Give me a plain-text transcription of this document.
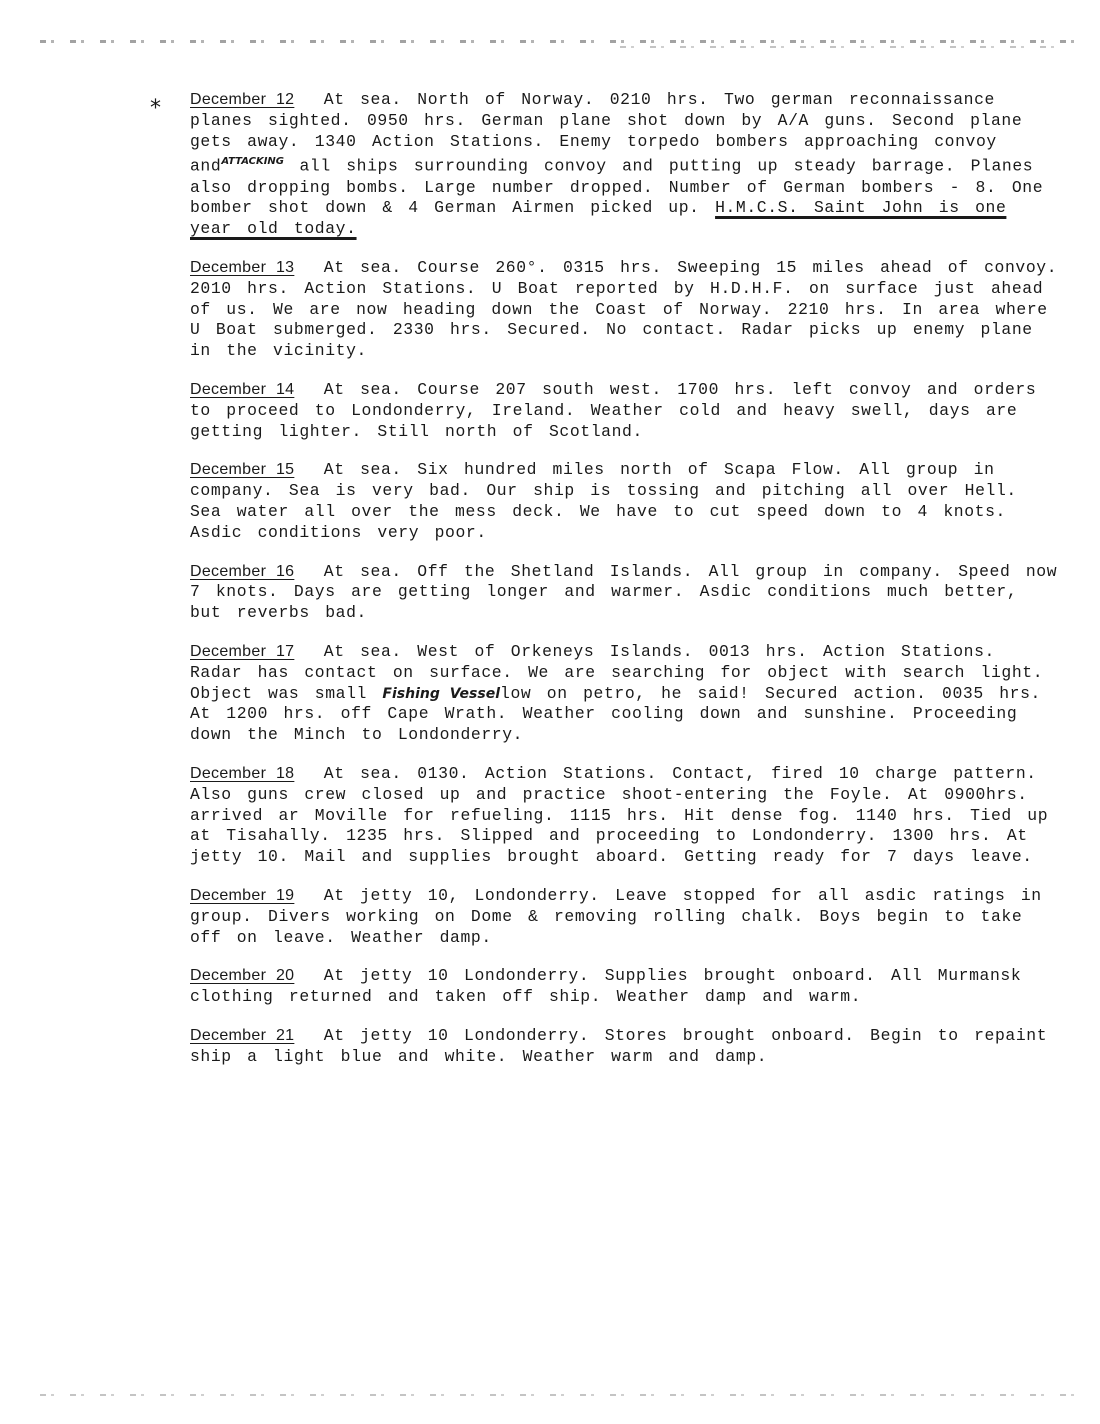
* December 12 At sea. North of Norway. 0210 hrs. Two german reconnaissance planes sighted. 0950 hrs. German plane shot down by A/A guns. Second plane gets away. 1340 Action Stations. Enemy torpedo bombers approaching convoy and$^{ATTACKING}$ all ships surrounding convoy and putting up steady barrage. Planes also dropping bombs. Large number dropped. Number of German bombers - 8. One bomber shot down & 4 German Airmen picked up. H.M.C.S. Saint John is one year old today.

December 13 At sea. Course 260°. 0315 hrs. Sweeping 15 miles ahead of convoy. 2010 hrs. Action Stations. U Boat reported by H.D.H.F. on surface just ahead of us. We are now heading down the Coast of Norway. 2210 hrs. In area where U Boat submerged. 2330 hrs. Secured. No contact. Radar picks up enemy plane in the vicinity.

December 14 At sea. Course 207 south west. 1700 hrs. left convoy and orders to proceed to Londonderry, Ireland. Weather cold and heavy swell, days are getting lighter. Still north of Scotland.

December 15 At sea. Six hundred miles north of Scapa Flow. All group in company. Sea is very bad. Our ship is tossing and pitching all over Hell. Sea water all over the mess deck. We have to cut speed down to 4 knots. Asdic conditions very poor.

December 16 At sea. Off the Shetland Islands. All group in company. Speed now 7 knots. Days are getting longer and warmer. Asdic conditions much better, but reverbs bad.

December 17 At sea. West of Orkeneys Islands. 0013 hrs. Action Stations. Radar has contact on surface. We are searching for object with search light. Object was small Fishing Vessellow on petro, he said! Secured action. 0035 hrs. At 1200 hrs. off Cape Wrath. Weather cooling down and sunshine. Proceeding down the Minch to Londonderry.

December 18 At sea. 0130. Action Stations. Contact, fired 10 charge pattern. Also guns crew closed up and practice shoot-entering the Foyle. At 0900hrs. arrived ar Moville for refueling. 1115 hrs. Hit dense fog. 1140 hrs. Tied up at Tisahally. 1235 hrs. Slipped and proceeding to Londonderry. 1300 hrs. At jetty 10. Mail and supplies brought aboard. Getting ready for 7 days leave.

December 19 At jetty 10, Londonderry. Leave stopped for all asdic ratings in group. Divers working on Dome & removing rolling chalk. Boys begin to take off on leave. Weather damp.

December 20 At jetty 10 Londonderry. Supplies brought onboard. All Murmansk clothing returned and taken off ship. Weather damp and warm.

December 21 At jetty 10 Londonderry. Stores brought onboard. Begin to repaint ship a light blue and white. Weather warm and damp.
